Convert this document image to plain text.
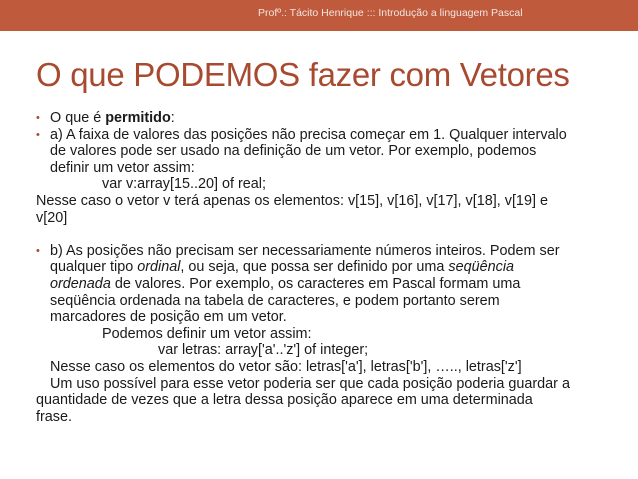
Profº.: Tácito Henrique ::: Introdução a linguagem Pascal
O que PODEMOS fazer com Vetores
• O que é permitido:
• a) A faixa de valores das posições não precisa começar em 1. Qualquer intervalo
de valores pode ser usado na definição de um vetor. Por exemplo, podemos
definir um vetor assim:
var v:array[15..20] of real;
Nesse caso o vetor v terá apenas os elementos: v[15], v[16], v[17], v[18], v[19] e
v[20]
• b) As posições não precisam ser necessariamente números inteiros. Podem ser
qualquer tipo ordinal, ou seja, que possa ser definido por uma seqüência
ordenada de valores. Por exemplo, os caracteres em Pascal formam uma
seqüência ordenada na tabela de caracteres, e podem portanto serem
marcadores de posição em um vetor.
Podemos definir um vetor assim:
var letras: array['a'..'z'] of integer;
Nesse caso os elementos do vetor são: letras['a'], letras['b'], ….., letras['z']
Um uso possível para esse vetor poderia ser que cada posição poderia guardar a
quantidade de vezes que a letra dessa posição aparece em uma determinada
frase.
